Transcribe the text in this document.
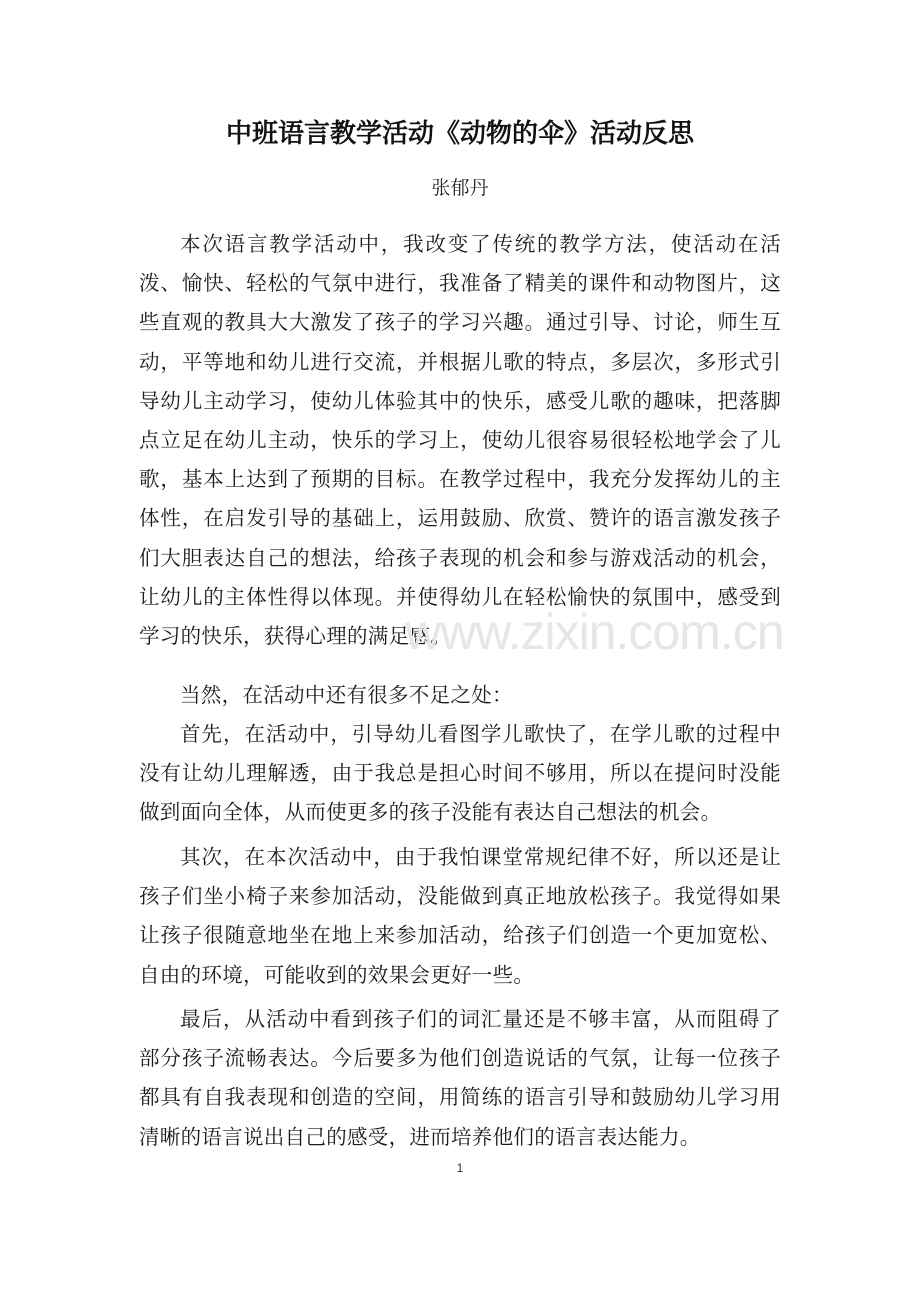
中班语言教学活动《动物的伞》活动反思

张郁丹

本次语言教学活动中，我改变了传统的教学方法，使活动在活泼、愉快、轻松的气氛中进行，我准备了精美的课件和动物图片，这些直观的教具大大激发了孩子的学习兴趣。通过引导、讨论，师生互动，平等地和幼儿进行交流，并根据儿歌的特点，多层次，多形式引导幼儿主动学习，使幼儿体验其中的快乐，感受儿歌的趣味，把落脚点立足在幼儿主动，快乐的学习上，使幼儿很容易很轻松地学会了儿歌，基本上达到了预期的目标。在教学过程中，我充分发挥幼儿的主体性，在启发引导的基础上，运用鼓励、欣赏、赞许的语言激发孩子们大胆表达自己的想法，给孩子表现的机会和参与游戏活动的机会，让幼儿的主体性得以体现。并使得幼儿在轻松愉快的氛围中，感受到学习的快乐，获得心理的满足感。

当然，在活动中还有很多不足之处：

首先，在活动中，引导幼儿看图学儿歌快了，在学儿歌的过程中没有让幼儿理解透，由于我总是担心时间不够用，所以在提问时没能做到面向全体，从而使更多的孩子没能有表达自己想法的机会。

其次，在本次活动中，由于我怕课堂常规纪律不好，所以还是让孩子们坐小椅子来参加活动，没能做到真正地放松孩子。我觉得如果让孩子很随意地坐在地上来参加活动，给孩子们创造一个更加宽松、自由的环境，可能收到的效果会更好一些。

最后，从活动中看到孩子们的词汇量还是不够丰富，从而阻碍了部分孩子流畅表达。今后要多为他们创造说话的气氛，让每一位孩子都具有自我表现和创造的空间，用简练的语言引导和鼓励幼儿学习用清晰的语言说出自己的感受，进而培养他们的语言表达能力。

www.zixin.com.cn
1
